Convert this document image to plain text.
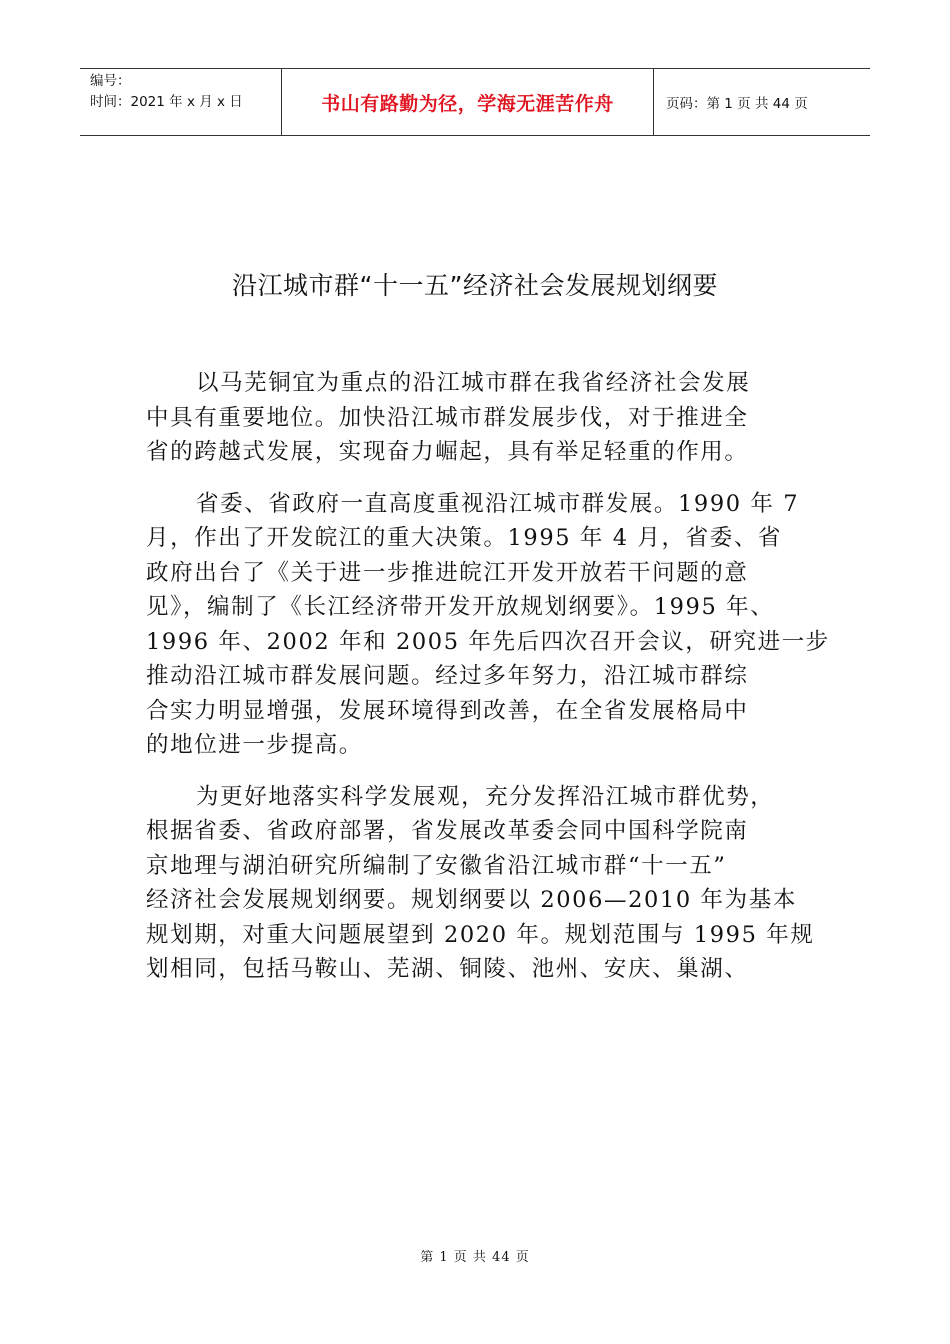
编号：
时间：2021 年 x 月 x 日	书山有路勤为径，学海无涯苦作舟	页码：第 1 页 共 44 页
沿江城市群“十一五”经济社会发展规划纲要
以马芜铜宜为重点的沿江城市群在我省经济社会发展
中具有重要地位。加快沿江城市群发展步伐，对于推进全
省的跨越式发展，实现奋力崛起，具有举足轻重的作用。
省委、省政府一直高度重视沿江城市群发展。1990 年 7
月，作出了开发皖江的重大决策。1995 年 4 月，省委、省
政府出台了《关于进一步推进皖江开发开放若干问题的意
见》，编制了《长江经济带开发开放规划纲要》。1995 年、
1996 年、2002 年和 2005 年先后四次召开会议，研究进一步
推动沿江城市群发展问题。经过多年努力，沿江城市群综
合实力明显增强，发展环境得到改善，在全省发展格局中
的地位进一步提高。
为更好地落实科学发展观，充分发挥沿江城市群优势，
根据省委、省政府部署，省发展改革委会同中国科学院南
京地理与湖泊研究所编制了安徽省沿江城市群“十一五”
经济社会发展规划纲要。规划纲要以 2006—2010 年为基本
规划期，对重大问题展望到 2020 年。规划范围与 1995 年规
划相同，包括马鞍山、芜湖、铜陵、池州、安庆、巢湖、
第 1 页 共 44 页
